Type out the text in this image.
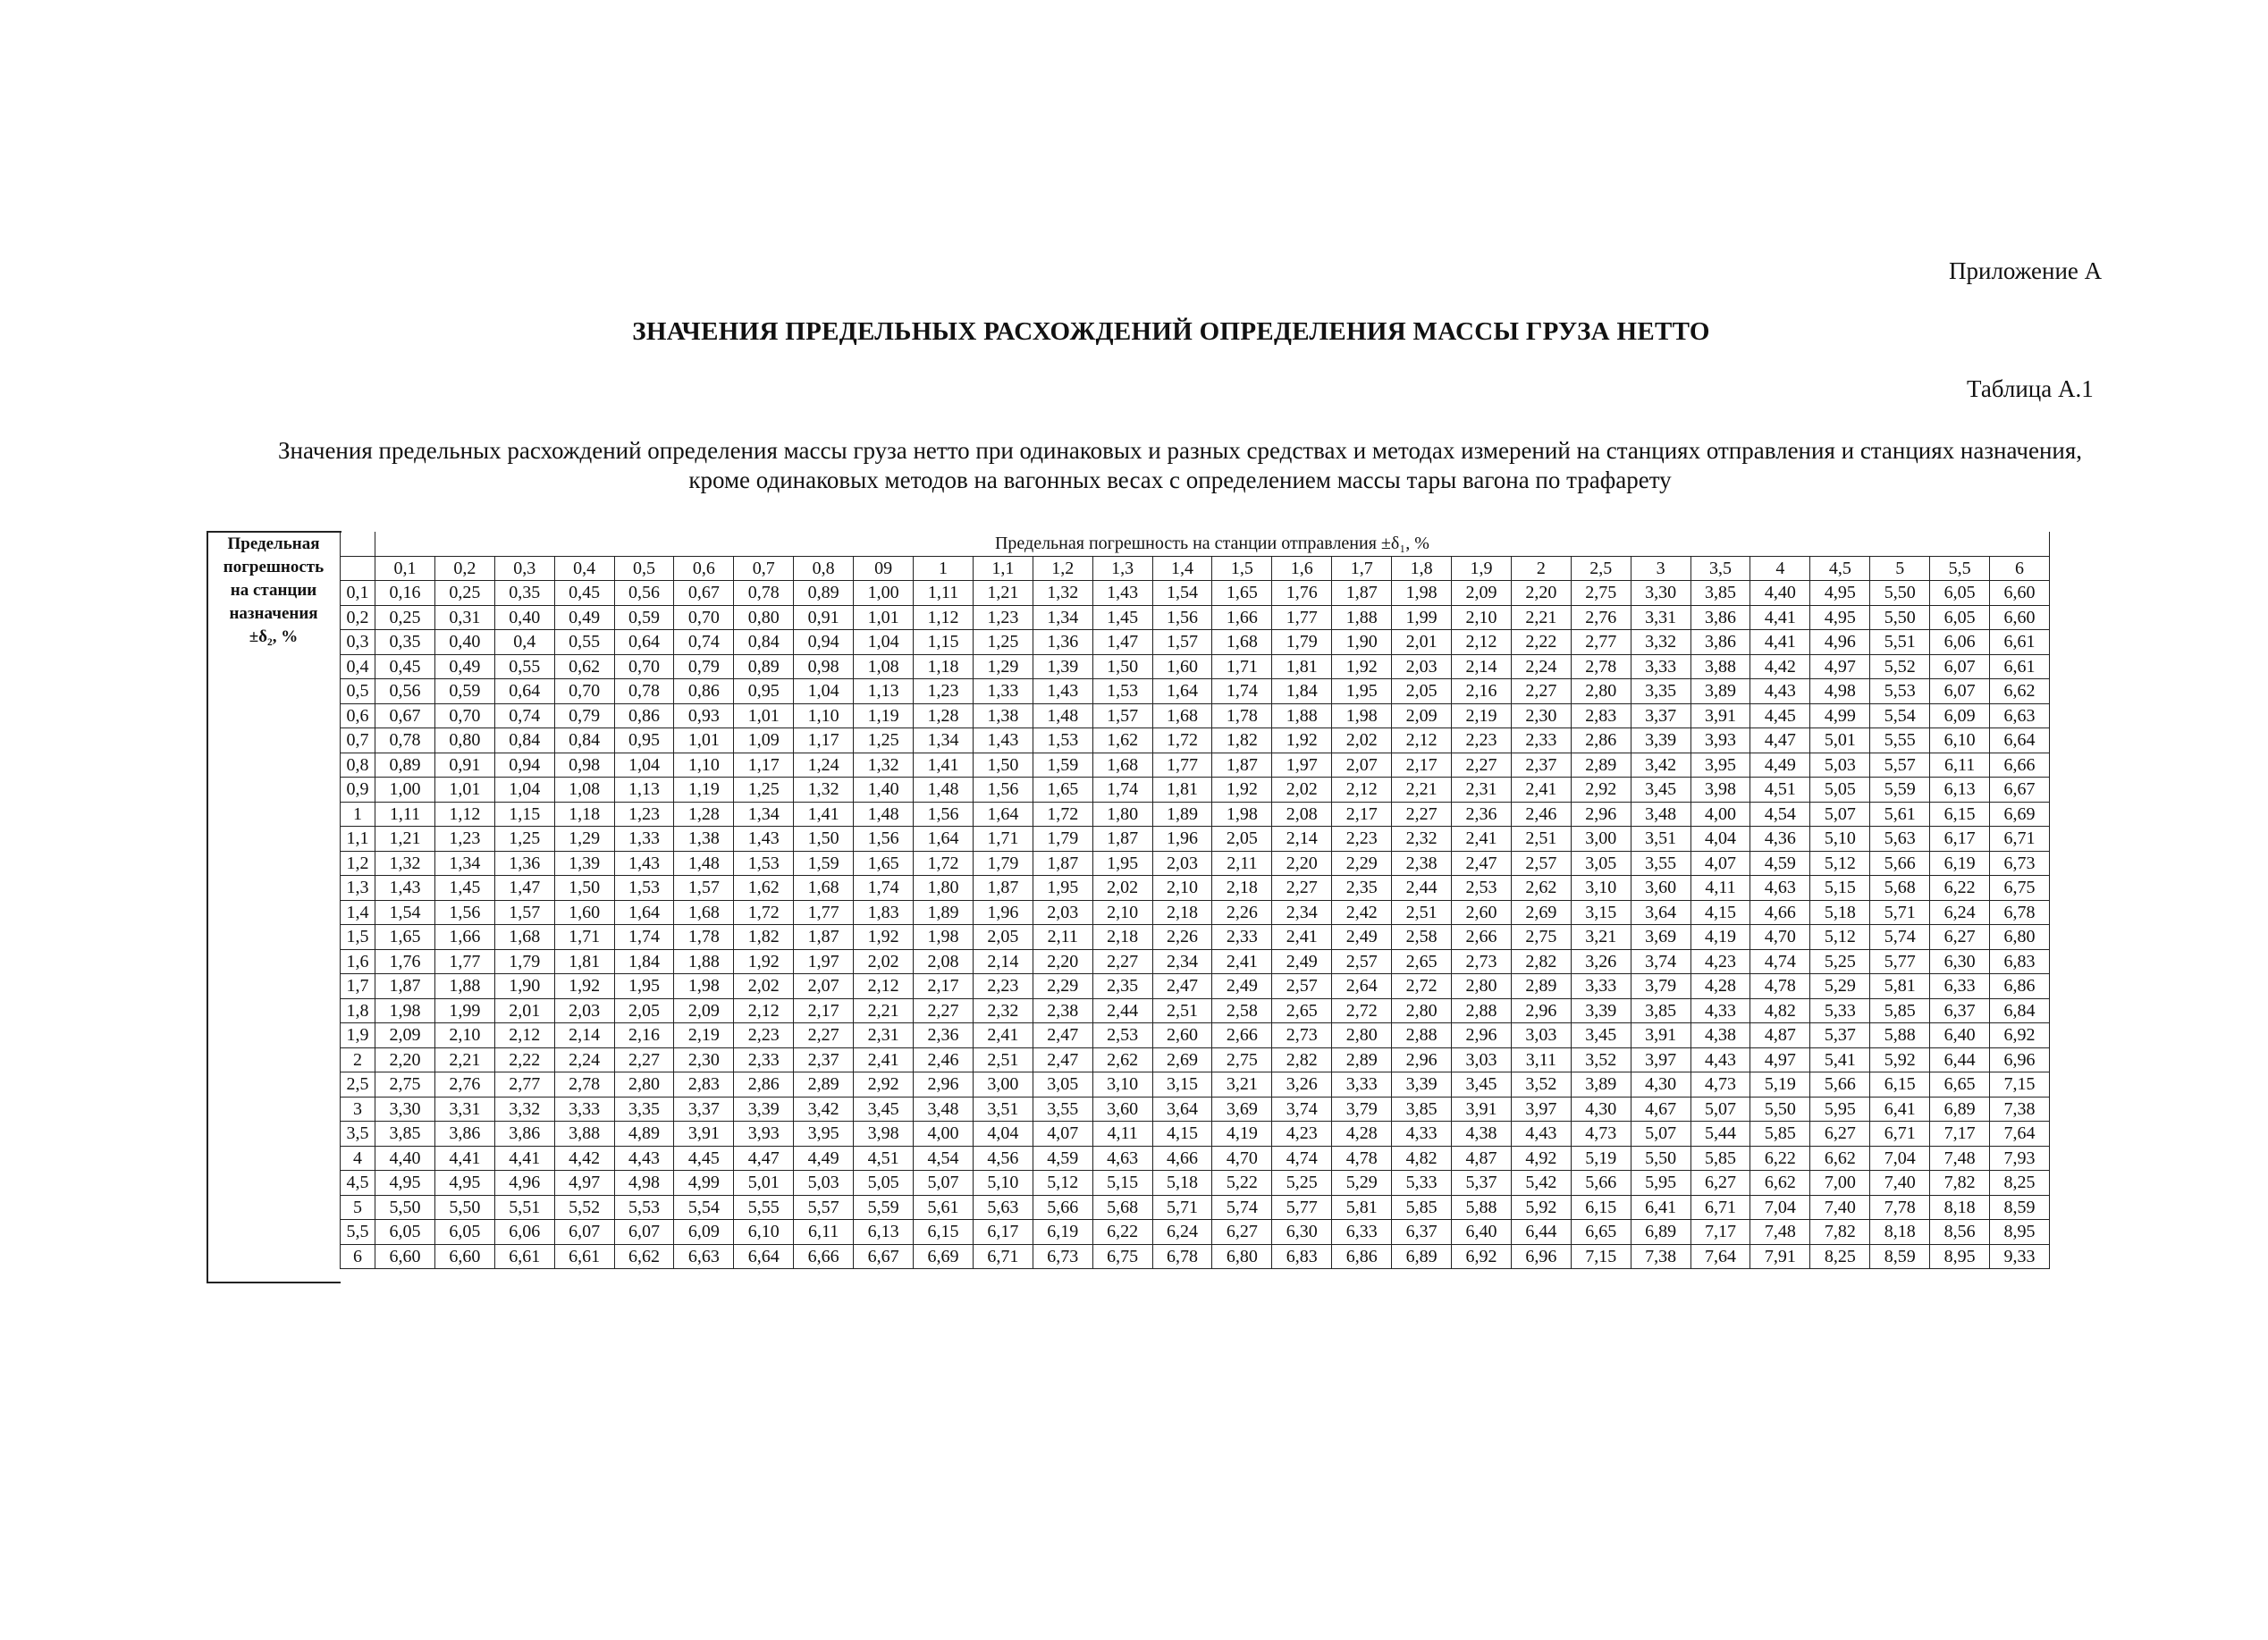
Приложение А
ЗНАЧЕНИЯ ПРЕДЕЛЬНЫХ РАСХОЖДЕНИЙ ОПРЕДЕЛЕНИЯ МАССЫ ГРУЗА НЕТТО
Таблица А.1
Значения предельных расхождений определения массы груза нетто при одинаковых и разных средствах и методах измерений на станциях отправления и станциях назначения, кроме одинаковых методов на вагонных весах с определением массы тары вагона по трафарету
Предельная
погрешность
на станции
назначения
±δ₂, %
	Предельная погрешность на станции отправления ±δ₁, %																											
	0,1	0,2	0,3	0,4	0,5	0,6	0,7	0,8	09	1	1,1	1,2	1,3	1,4	1,5	1,6	1,7	1,8	1,9	2	2,5	3	3,5	4	4,5	5	5,5	6
0,1	0,16	0,25	0,35	0,45	0,56	0,67	0,78	0,89	1,00	1,11	1,21	1,32	1,43	1,54	1,65	1,76	1,87	1,98	2,09	2,20	2,75	3,30	3,85	4,40	4,95	5,50	6,05	6,60
0,2	0,25	0,31	0,40	0,49	0,59	0,70	0,80	0,91	1,01	1,12	1,23	1,34	1,45	1,56	1,66	1,77	1,88	1,99	2,10	2,21	2,76	3,31	3,86	4,41	4,95	5,50	6,05	6,60
0,3	0,35	0,40	0,4	0,55	0,64	0,74	0,84	0,94	1,04	1,15	1,25	1,36	1,47	1,57	1,68	1,79	1,90	2,01	2,12	2,22	2,77	3,32	3,86	4,41	4,96	5,51	6,06	6,61
0,4	0,45	0,49	0,55	0,62	0,70	0,79	0,89	0,98	1,08	1,18	1,29	1,39	1,50	1,60	1,71	1,81	1,92	2,03	2,14	2,24	2,78	3,33	3,88	4,42	4,97	5,52	6,07	6,61
0,5	0,56	0,59	0,64	0,70	0,78	0,86	0,95	1,04	1,13	1,23	1,33	1,43	1,53	1,64	1,74	1,84	1,95	2,05	2,16	2,27	2,80	3,35	3,89	4,43	4,98	5,53	6,07	6,62
0,6	0,67	0,70	0,74	0,79	0,86	0,93	1,01	1,10	1,19	1,28	1,38	1,48	1,57	1,68	1,78	1,88	1,98	2,09	2,19	2,30	2,83	3,37	3,91	4,45	4,99	5,54	6,09	6,63
0,7	0,78	0,80	0,84	0,84	0,95	1,01	1,09	1,17	1,25	1,34	1,43	1,53	1,62	1,72	1,82	1,92	2,02	2,12	2,23	2,33	2,86	3,39	3,93	4,47	5,01	5,55	6,10	6,64
0,8	0,89	0,91	0,94	0,98	1,04	1,10	1,17	1,24	1,32	1,41	1,50	1,59	1,68	1,77	1,87	1,97	2,07	2,17	2,27	2,37	2,89	3,42	3,95	4,49	5,03	5,57	6,11	6,66
0,9	1,00	1,01	1,04	1,08	1,13	1,19	1,25	1,32	1,40	1,48	1,56	1,65	1,74	1,81	1,92	2,02	2,12	2,21	2,31	2,41	2,92	3,45	3,98	4,51	5,05	5,59	6,13	6,67
1	1,11	1,12	1,15	1,18	1,23	1,28	1,34	1,41	1,48	1,56	1,64	1,72	1,80	1,89	1,98	2,08	2,17	2,27	2,36	2,46	2,96	3,48	4,00	4,54	5,07	5,61	6,15	6,69
1,1	1,21	1,23	1,25	1,29	1,33	1,38	1,43	1,50	1,56	1,64	1,71	1,79	1,87	1,96	2,05	2,14	2,23	2,32	2,41	2,51	3,00	3,51	4,04	4,36	5,10	5,63	6,17	6,71
1,2	1,32	1,34	1,36	1,39	1,43	1,48	1,53	1,59	1,65	1,72	1,79	1,87	1,95	2,03	2,11	2,20	2,29	2,38	2,47	2,57	3,05	3,55	4,07	4,59	5,12	5,66	6,19	6,73
1,3	1,43	1,45	1,47	1,50	1,53	1,57	1,62	1,68	1,74	1,80	1,87	1,95	2,02	2,10	2,18	2,27	2,35	2,44	2,53	2,62	3,10	3,60	4,11	4,63	5,15	5,68	6,22	6,75
1,4	1,54	1,56	1,57	1,60	1,64	1,68	1,72	1,77	1,83	1,89	1,96	2,03	2,10	2,18	2,26	2,34	2,42	2,51	2,60	2,69	3,15	3,64	4,15	4,66	5,18	5,71	6,24	6,78
1,5	1,65	1,66	1,68	1,71	1,74	1,78	1,82	1,87	1,92	1,98	2,05	2,11	2,18	2,26	2,33	2,41	2,49	2,58	2,66	2,75	3,21	3,69	4,19	4,70	5,12	5,74	6,27	6,80
1,6	1,76	1,77	1,79	1,81	1,84	1,88	1,92	1,97	2,02	2,08	2,14	2,20	2,27	2,34	2,41	2,49	2,57	2,65	2,73	2,82	3,26	3,74	4,23	4,74	5,25	5,77	6,30	6,83
1,7	1,87	1,88	1,90	1,92	1,95	1,98	2,02	2,07	2,12	2,17	2,23	2,29	2,35	2,47	2,49	2,57	2,64	2,72	2,80	2,89	3,33	3,79	4,28	4,78	5,29	5,81	6,33	6,86
1,8	1,98	1,99	2,01	2,03	2,05	2,09	2,12	2,17	2,21	2,27	2,32	2,38	2,44	2,51	2,58	2,65	2,72	2,80	2,88	2,96	3,39	3,85	4,33	4,82	5,33	5,85	6,37	6,84
1,9	2,09	2,10	2,12	2,14	2,16	2,19	2,23	2,27	2,31	2,36	2,41	2,47	2,53	2,60	2,66	2,73	2,80	2,88	2,96	3,03	3,45	3,91	4,38	4,87	5,37	5,88	6,40	6,92
2	2,20	2,21	2,22	2,24	2,27	2,30	2,33	2,37	2,41	2,46	2,51	2,47	2,62	2,69	2,75	2,82	2,89	2,96	3,03	3,11	3,52	3,97	4,43	4,97	5,41	5,92	6,44	6,96
2,5	2,75	2,76	2,77	2,78	2,80	2,83	2,86	2,89	2,92	2,96	3,00	3,05	3,10	3,15	3,21	3,26	3,33	3,39	3,45	3,52	3,89	4,30	4,73	5,19	5,66	6,15	6,65	7,15
3	3,30	3,31	3,32	3,33	3,35	3,37	3,39	3,42	3,45	3,48	3,51	3,55	3,60	3,64	3,69	3,74	3,79	3,85	3,91	3,97	4,30	4,67	5,07	5,50	5,95	6,41	6,89	7,38
3,5	3,85	3,86	3,86	3,88	4,89	3,91	3,93	3,95	3,98	4,00	4,04	4,07	4,11	4,15	4,19	4,23	4,28	4,33	4,38	4,43	4,73	5,07	5,44	5,85	6,27	6,71	7,17	7,64
4	4,40	4,41	4,41	4,42	4,43	4,45	4,47	4,49	4,51	4,54	4,56	4,59	4,63	4,66	4,70	4,74	4,78	4,82	4,87	4,92	5,19	5,50	5,85	6,22	6,62	7,04	7,48	7,93
4,5	4,95	4,95	4,96	4,97	4,98	4,99	5,01	5,03	5,05	5,07	5,10	5,12	5,15	5,18	5,22	5,25	5,29	5,33	5,37	5,42	5,66	5,95	6,27	6,62	7,00	7,40	7,82	8,25
5	5,50	5,50	5,51	5,52	5,53	5,54	5,55	5,57	5,59	5,61	5,63	5,66	5,68	5,71	5,74	5,77	5,81	5,85	5,88	5,92	6,15	6,41	6,71	7,04	7,40	7,78	8,18	8,59
5,5	6,05	6,05	6,06	6,07	6,07	6,09	6,10	6,11	6,13	6,15	6,17	6,19	6,22	6,24	6,27	6,30	6,33	6,37	6,40	6,44	6,65	6,89	7,17	7,48	7,82	8,18	8,56	8,95
6	6,60	6,60	6,61	6,61	6,62	6,63	6,64	6,66	6,67	6,69	6,71	6,73	6,75	6,78	6,80	6,83	6,86	6,89	6,92	6,96	7,15	7,38	7,64	7,91	8,25	8,59	8,95	9,33
